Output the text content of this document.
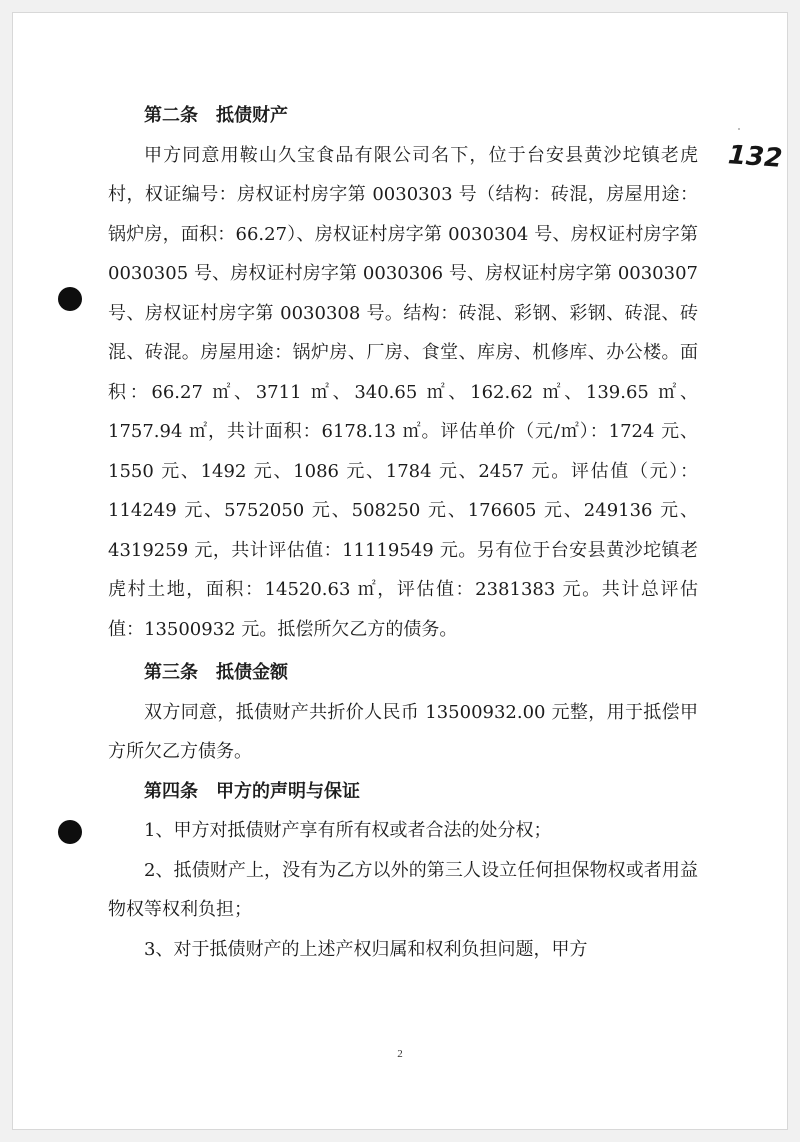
132
第二条 抵债财产
甲方同意用鞍山久宝食品有限公司名下，位于台安县黄沙坨镇老虎村，权证编号：房权证村房字第 0030303 号（结构：砖混，房屋用途：锅炉房，面积：66.27）、房权证村房字第 0030304 号、房权证村房字第 0030305 号、房权证村房字第 0030306 号、房权证村房字第 0030307 号、房权证村房字第 0030308 号。结构：砖混、彩钢、彩钢、砖混、砖混、砖混。房屋用途：锅炉房、厂房、食堂、库房、机修库、办公楼。面积：66.27 ㎡、3711 ㎡、340.65 ㎡、162.62 ㎡、139.65 ㎡、1757.94 ㎡，共计面积：6178.13 ㎡。评估单价（元/㎡）：1724 元、1550 元、1492 元、1086 元、1784 元、2457 元。评估值（元）：114249 元、5752050 元、508250 元、176605 元、249136 元、4319259 元，共计评估值：11119549 元。另有位于台安县黄沙坨镇老虎村土地，面积：14520.63 ㎡，评估值：2381383 元。共计总评估值：13500932 元。抵偿所欠乙方的债务。
第三条 抵债金额
双方同意，抵债财产共折价人民币 13500932.00 元整，用于抵偿甲方所欠乙方债务。
第四条 甲方的声明与保证
1、甲方对抵债财产享有所有权或者合法的处分权；
2、抵债财产上，没有为乙方以外的第三人设立任何担保物权或者用益物权等权利负担；
3、对于抵债财产的上述产权归属和权利负担问题，甲方
2
